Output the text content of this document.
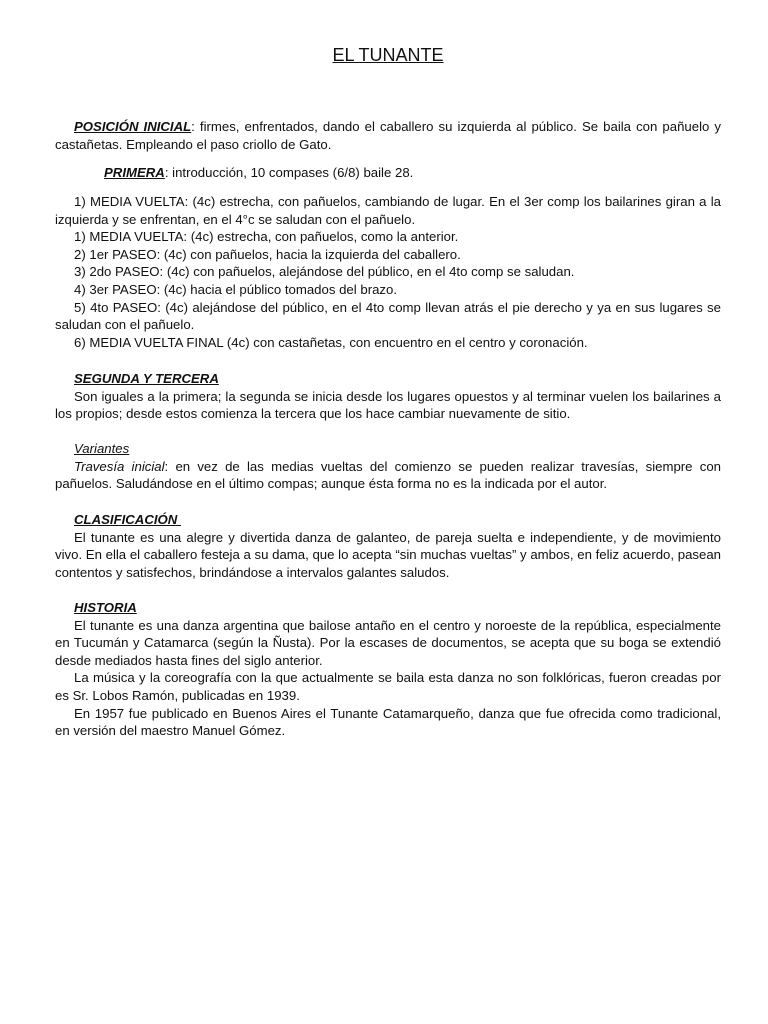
EL TUNANTE

POSICIÓN INICIAL: firmes, enfrentados, dando el caballero su izquierda al público. Se baila con pañuelo y castañetas. Empleando el paso criollo de Gato.

PRIMERA: introducción, 10 compases (6/8) baile 28.

1) MEDIA VUELTA: (4c) estrecha, con pañuelos, cambiando de lugar. En el 3er comp los bailarines giran a la izquierda y se enfrentan, en el 4°c se saludan con el pañuelo.

1) MEDIA VUELTA: (4c) estrecha, con pañuelos, como la anterior.

2) 1er PASEO: (4c) con pañuelos, hacia la izquierda del caballero.

3) 2do PASEO: (4c) con pañuelos, alejándose del público, en el 4to comp se saludan.

4) 3er PASEO: (4c) hacia el público tomados del brazo.

5) 4to PASEO: (4c) alejándose del público, en el 4to comp llevan atrás el pie derecho y ya en sus lugares se saludan con el pañuelo.

6) MEDIA VUELTA FINAL (4c) con castañetas, con encuentro en el centro y coronación.

SEGUNDA Y TERCERA

Son iguales a la primera; la segunda se inicia desde los lugares opuestos y al terminar vuelen los bailarines a los propios; desde estos comienza la tercera que los hace cambiar nuevamente de sitio.

Variantes

Travesía inicial: en vez de las medias vueltas del comienzo se pueden realizar travesías, siempre con pañuelos. Saludándose en el último compas; aunque ésta forma no es la indicada por el autor.

CLASIFICACIÓN

El tunante es una alegre y divertida danza de galanteo, de pareja suelta e independiente, y de movimiento vivo. En ella el caballero festeja a su dama, que lo acepta “sin muchas vueltas” y ambos, en feliz acuerdo, pasean contentos y satisfechos, brindándose a intervalos galantes saludos.

HISTORIA

El tunante es una danza argentina que bailose antaño en el centro y noroeste de la república, especialmente en Tucumán y Catamarca (según la Ñusta). Por la escases de documentos, se acepta que su boga se extendió desde mediados hasta fines del siglo anterior.

La música y la coreografía con la que actualmente se baila esta danza no son folklóricas, fueron creadas por es Sr. Lobos Ramón, publicadas en 1939.

En 1957 fue publicado en Buenos Aires el Tunante Catamarqueño, danza que fue ofrecida como tradicional, en versión del maestro Manuel Gómez.
